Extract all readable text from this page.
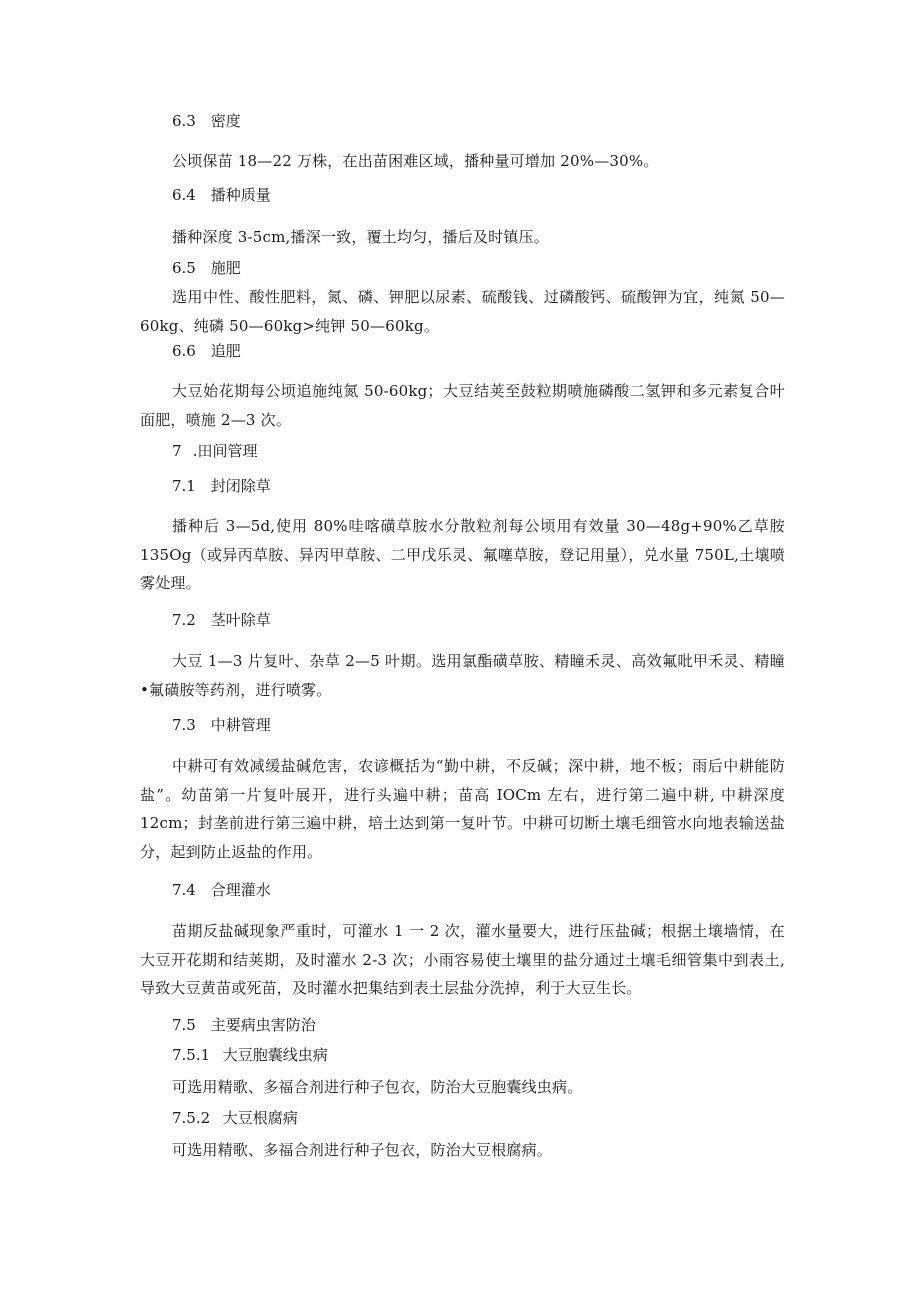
6.3 密度
公顷保苗 18—22 万株，在出苗困难区域，播种量可增加 20%—30%。
6.4 播种质量
播种深度 3-5cm,播深一致，覆土均匀，播后及时镇压。
6.5 施肥
选用中性、酸性肥料，氮、磷、钾肥以尿素、硫酸钱、过磷酸钙、硫酸钾为宜，纯氮 50—60kg、纯磷 50—60kg>纯钾 50—60kg。
6.6 追肥
大豆始花期每公顷追施纯氮 50-60kg；大豆结荚至鼓粒期喷施磷酸二氢钾和多元素复合叶面肥，喷施 2—3 次。
7 .田间管理
7.1 封闭除草
播种后 3—5d,使用 80%哇喀磺草胺水分散粒剂每公顷用有效量 30—48g+90%乙草胺 135Og（或异丙草胺、异丙甲草胺、二甲戊乐灵、氟噻草胺，登记用量），兑水量 750L,土壤喷雾处理。
7.2 茎叶除草
大豆 1—3 片复叶、杂草 2—5 叶期。选用氯酯磺草胺、精瞳禾灵、高效氟吡甲禾灵、精瞳•氟磺胺等药剂，进行喷雾。
7.3 中耕管理
中耕可有效减缓盐碱危害，农谚概括为“勤中耕，不反碱；深中耕，地不板；雨后中耕能防盐”。幼苗第一片复叶展开，进行头遍中耕；苗高 IOCm 左右，进行第二遍中耕, 中耕深度 12cm；封垄前进行第三遍中耕，培土达到第一复叶节。中耕可切断土壤毛细管水向地表输送盐分，起到防止返盐的作用。
7.4 合理灌水
苗期反盐碱现象严重时，可灌水 1 一 2 次，灌水量要大，进行压盐碱；根据土壤墙情，在大豆开花期和结荚期，及时灌水 2-3 次；小雨容易使土壤里的盐分通过土壤毛细管集中到表土, 导致大豆黄苗或死苗，及时灌水把集结到表土层盐分洗掉，利于大豆生长。
7.5 主要病虫害防治
7.5.1 大豆胞囊线虫病
可选用精歌、多福合剂进行种子包衣，防治大豆胞囊线虫病。
7.5.2 大豆根腐病
可选用精歌、多福合剂进行种子包衣，防治大豆根腐病。
